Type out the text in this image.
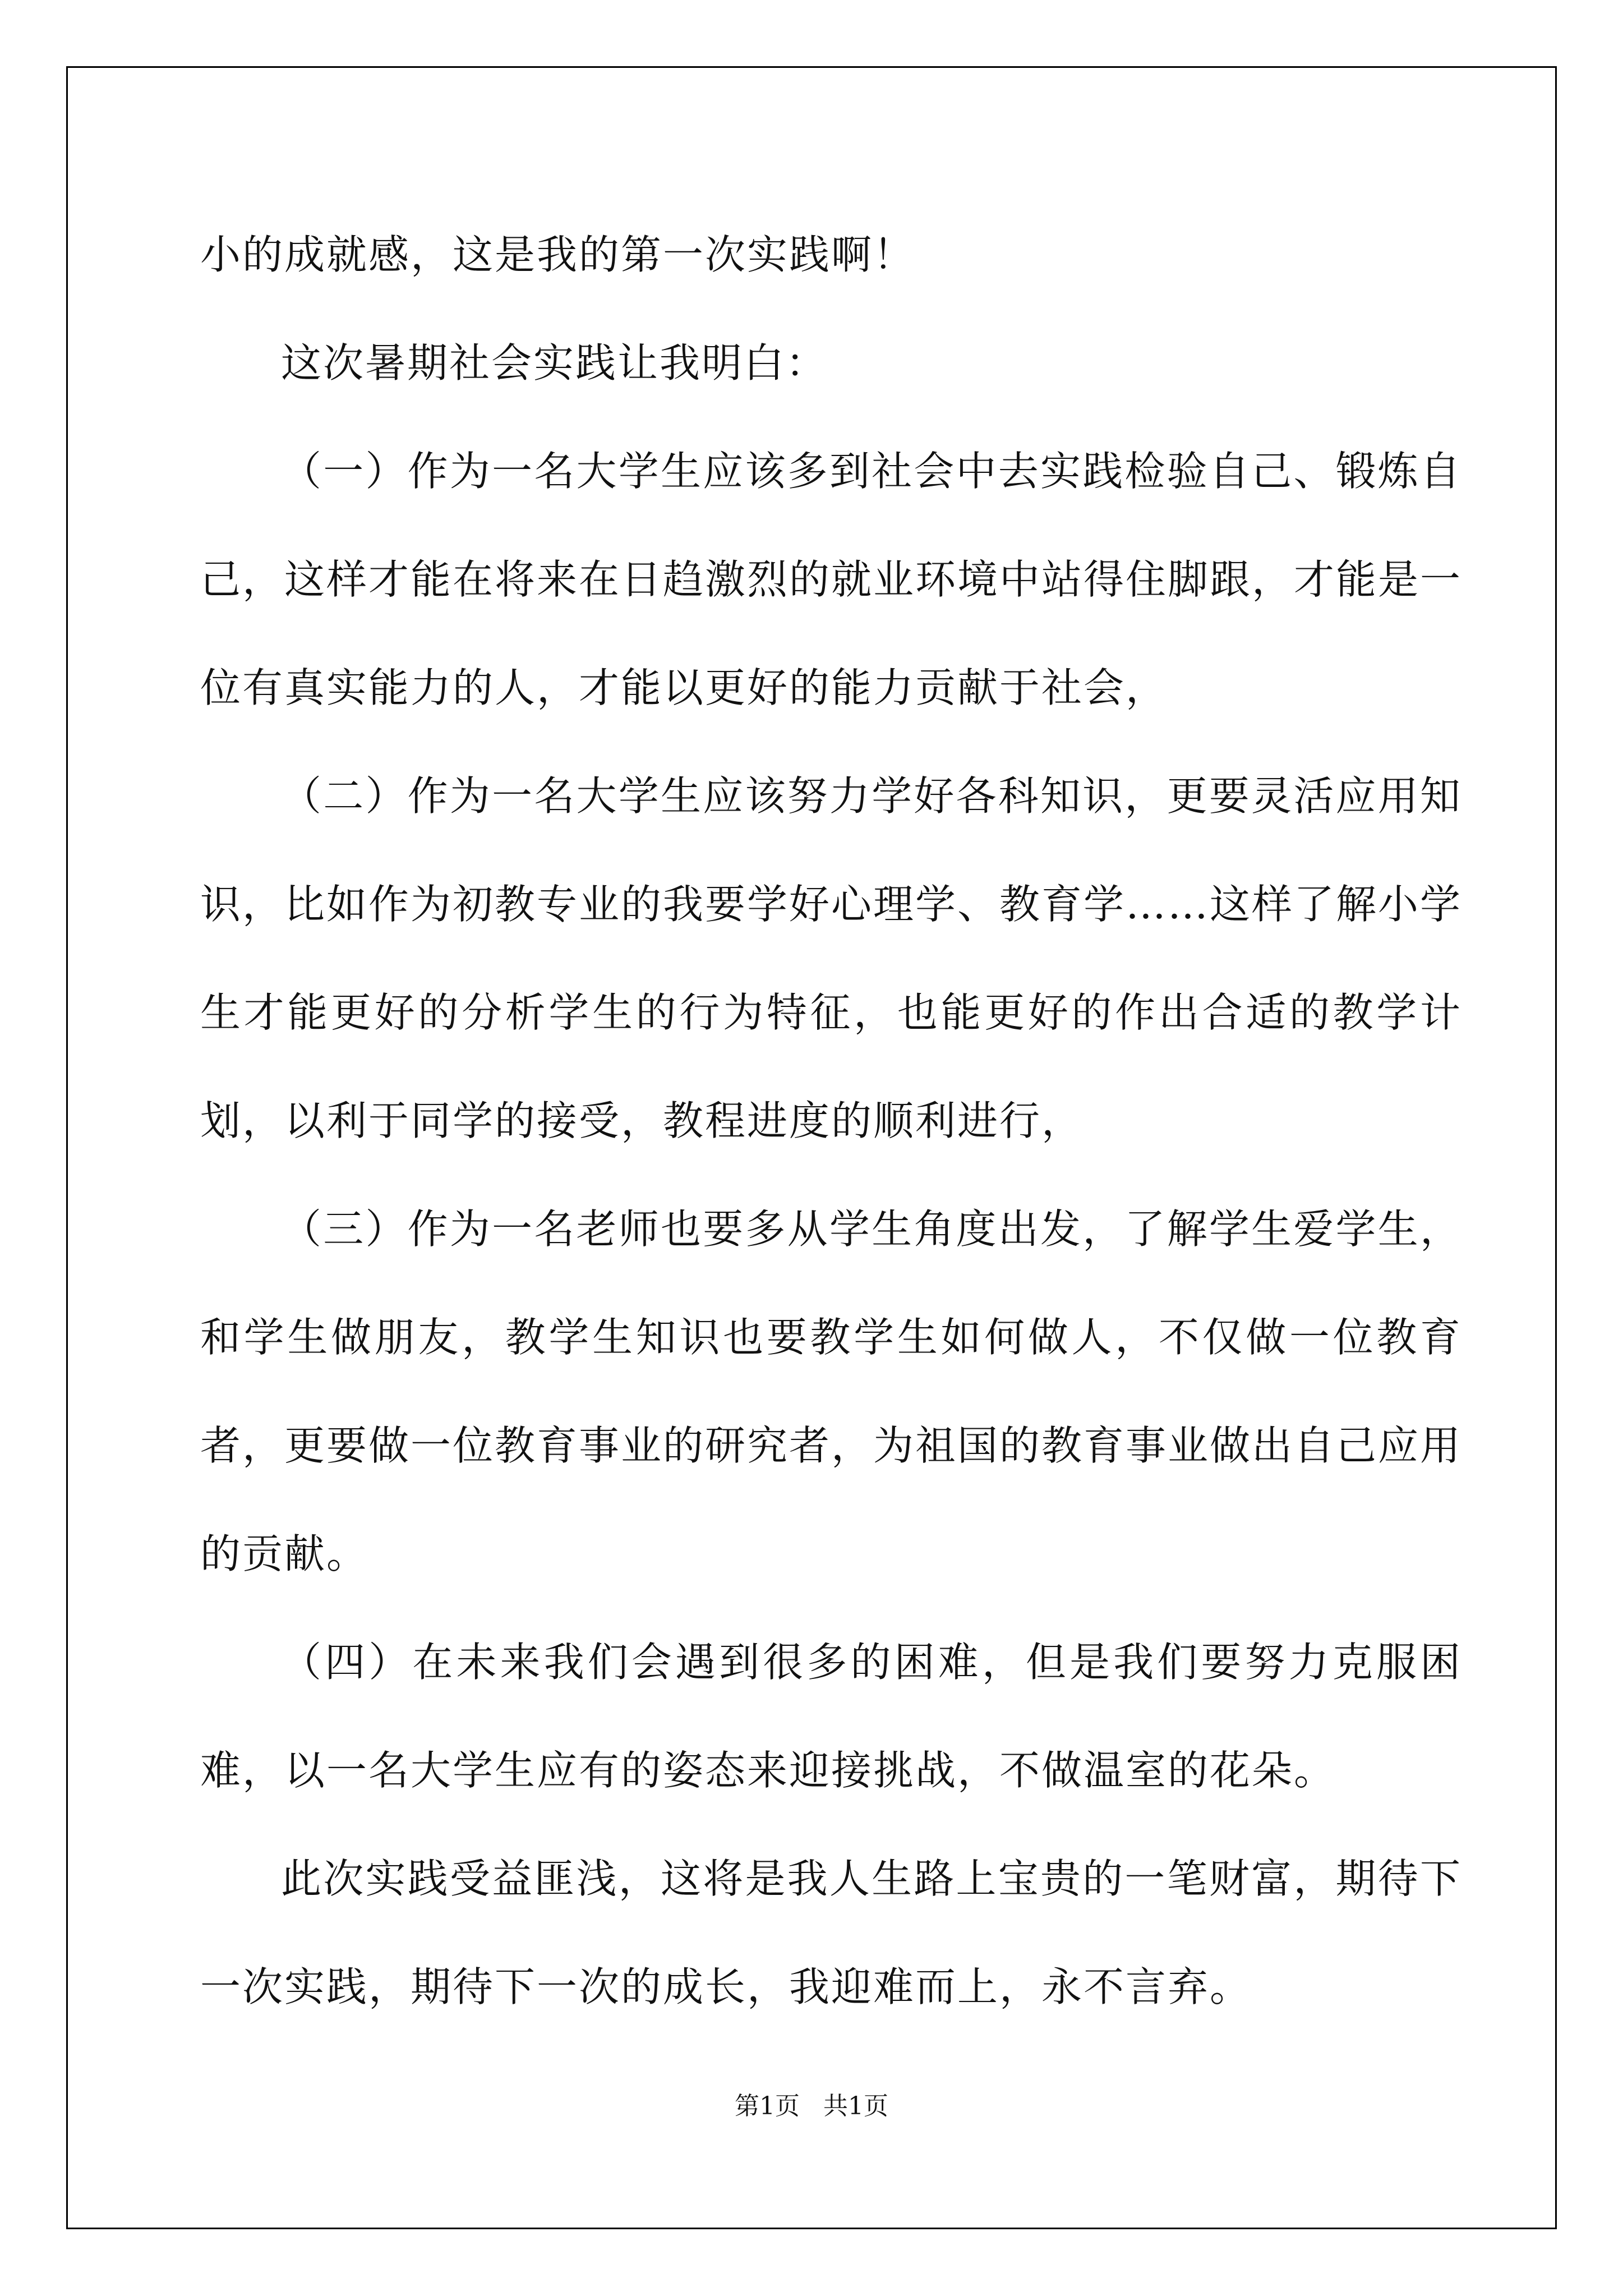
小的成就感，这是我的第一次实践啊！

这次暑期社会实践让我明白：

（一）作为一名大学生应该多到社会中去实践检验自己、锻炼自己，这样才能在将来在日趋激烈的就业环境中站得住脚跟，才能是一位有真实能力的人，才能以更好的能力贡献于社会，

（二）作为一名大学生应该努力学好各科知识，更要灵活应用知识，比如作为初教专业的我要学好心理学、教育学……这样了解小学生才能更好的分析学生的行为特征，也能更好的作出合适的教学计划，以利于同学的接受，教程进度的顺利进行，

（三）作为一名老师也要多从学生角度出发，了解学生爱学生，和学生做朋友，教学生知识也要教学生如何做人，不仅做一位教育者，更要做一位教育事业的研究者，为祖国的教育事业做出自己应用的贡献。

（四）在未来我们会遇到很多的困难，但是我们要努力克服困难，以一名大学生应有的姿态来迎接挑战，不做温室的花朵。

此次实践受益匪浅，这将是我人生路上宝贵的一笔财富，期待下一次实践，期待下一次的成长，我迎难而上，永不言弃。

第1页 共1页
